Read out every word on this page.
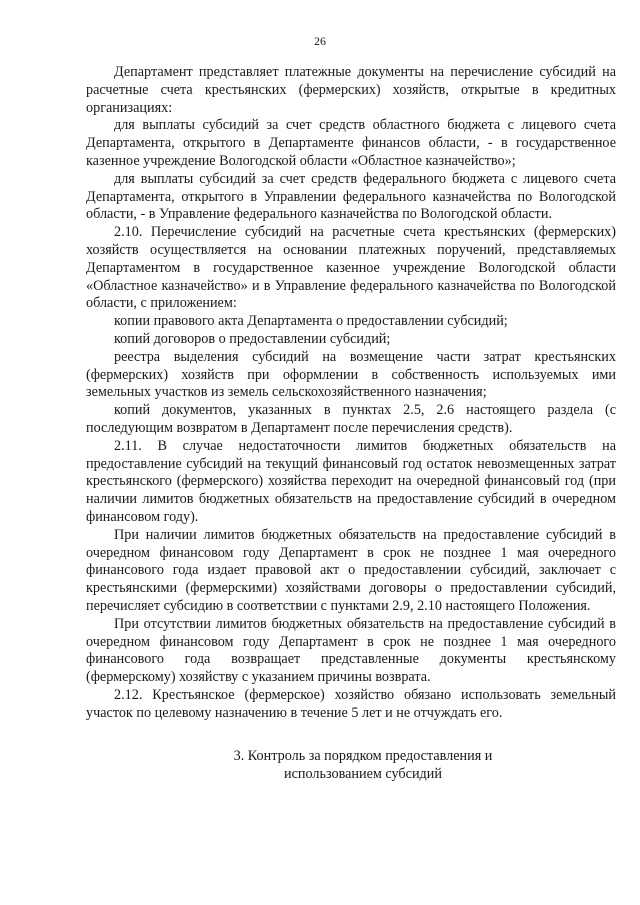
26

Департамент представляет платежные документы на перечисление субсидий на расчетные счета крестьянских (фермерских) хозяйств, открытые в кредитных организациях:

для выплаты субсидий за счет средств областного бюджета с лицевого счета Департамента, открытого в Департаменте финансов области, - в государственное казенное учреждение Вологодской области «Областное казначейство»;

для выплаты субсидий за счет средств федерального бюджета с лицевого счета Департамента, открытого в Управлении федерального казначейства по Вологодской области, - в Управление федерального казначейства по Вологодской области.

2.10. Перечисление субсидий на расчетные счета крестьянских (фермерских) хозяйств осуществляется на основании платежных поручений, представляемых Департаментом в государственное казенное учреждение Вологодской области «Областное казначейство» и в Управление федерального казначейства по Вологодской области, с приложением:

копии правового акта Департамента о предоставлении субсидий;

копий договоров о предоставлении субсидий;

реестра выделения субсидий на возмещение части затрат крестьянских (фермерских) хозяйств при оформлении в собственность используемых ими земельных участков из земель сельскохозяйственного назначения;

копий документов, указанных в пунктах 2.5, 2.6 настоящего раздела (с последующим возвратом в Департамент после перечисления средств).

2.11. В случае недостаточности лимитов бюджетных обязательств на предоставление субсидий на текущий финансовый год остаток невозмещенных затрат крестьянского (фермерского) хозяйства переходит на очередной финансовый год (при наличии лимитов бюджетных обязательств на предоставление субсидий в очередном финансовом году).

При наличии лимитов бюджетных обязательств на предоставление субсидий в очередном финансовом году Департамент в срок не позднее 1 мая очередного финансового года издает правовой акт о предоставлении субсидий, заключает с крестьянскими (фермерскими) хозяйствами договоры о предоставлении субсидий, перечисляет субсидию в соответствии с пунктами 2.9, 2.10 настоящего Положения.

При отсутствии лимитов бюджетных обязательств на предоставление субсидий в очередном финансовом году Департамент в срок не позднее 1 мая очередного финансового года возвращает представленные документы крестьянскому (фермерскому) хозяйству с указанием причины возврата.

2.12. Крестьянское (фермерское) хозяйство обязано использовать земельный участок по целевому назначению в течение 5 лет и не отчуждать его.

3. Контроль за порядком предоставления и
использованием субсидий
